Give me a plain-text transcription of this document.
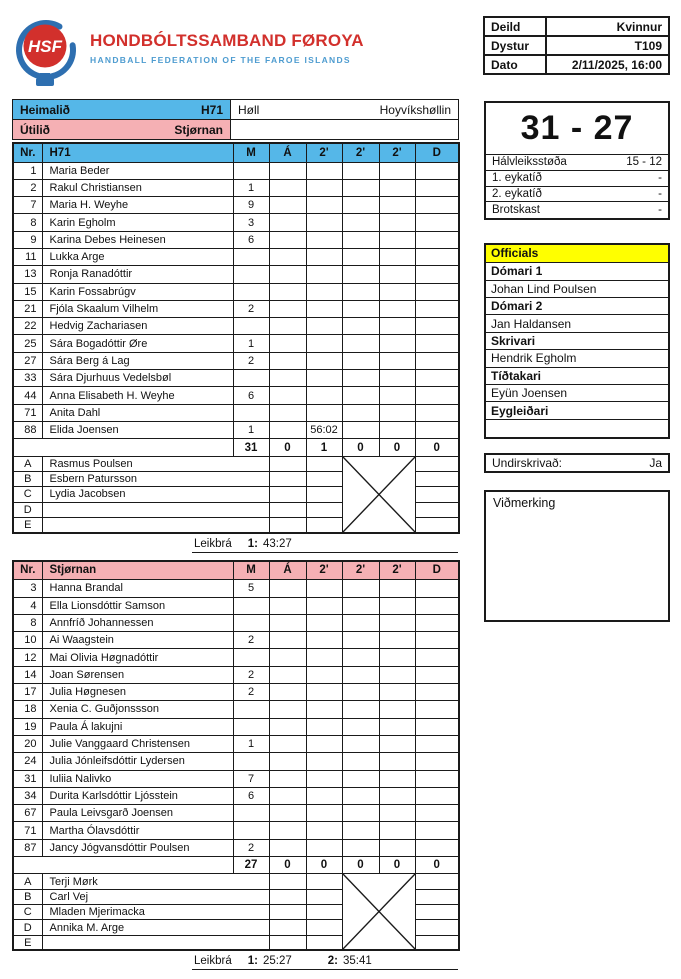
HSF HONDBÓLTSSAMBAND FØROYA
HANDBALL FEDERATION OF THE FAROE ISLANDS
Deild	Kvinnur
Dystur	T109
Dato	2/11/2025, 16:00
Heimalið H71	Høll Hoyvíkshøllin

Útilið Stjørnan	

Nr.	H71	M	Á	2'	2'	2'	D
1	Maria Beder						
2	Rakul Christiansen	1					
7	Maria H. Weyhe	9					
8	Karin Egholm	3					
9	Karina Debes Heinesen	6					
11	Lukka Arge						
13	Ronja Ranadóttir						
15	Karin Fossabrúgv						
21	Fjóla Skaalum Vilhelm	2					
22	Hedvig Zachariasen						
25	Sára Bogadóttir Øre	1					
27	Sára Berg á Lag	2					
33	Sára Djurhuus Vedelsbøl						
44	Anna Elisabeth H. Weyhe	6					
71	Anita Dahl						
88	Elida Joensen	1		56:02			
		31	0	1	0	0	0
A	Rasmus Poulsen			

B	Esbern Patursson						
C	Lydia Jacobsen						
D							
E							
Leikbrá 1: 43:27
Nr.	Stjørnan	M	Á	2'	2'	2'	D
3	Hanna Brandal	5					
4	Ella Lionsdóttir Samson						
8	Annfríð Johannessen						
10	Ai Waagstein	2					
12	Mai Olivia Høgnadóttir						
14	Joan Sørensen	2					
17	Julia Høgnesen	2					
18	Xenia C. Guðjonssson						
19	Paula Á lakujni						
20	Julie Vanggaard Christensen	1					
24	Julia Jónleifsdóttir Lydersen						
31	Iuliia Nalivko	7					
34	Durita Karlsdóttir Ljósstein	6					
67	Paula Leivsgarð Joensen						
71	Martha Ólavsdóttir						
87	Jancy Jógvansdóttir Poulsen	2					
		27	0	0	0	0	0
A	Terji Mørk			

B	Carl Vej						
C	Mladen Mjerimacka						
D	Annika M. Arge						
E							
Leikbrá 1: 25:27	2: 35:41
31 - 27
Hálvleiksstøða	15 - 12
1. eykatíð	-
2. eykatíð	-
Brotskast	-
Officials
Dómari 1
Johan Lind Poulsen
Dómari 2
Jan Haldansen
Skrivari
Hendrik Egholm
Tíðtakari
Eyün Joensen
Eygleiðari
Undirskrivað:	Ja
Viðmerking
